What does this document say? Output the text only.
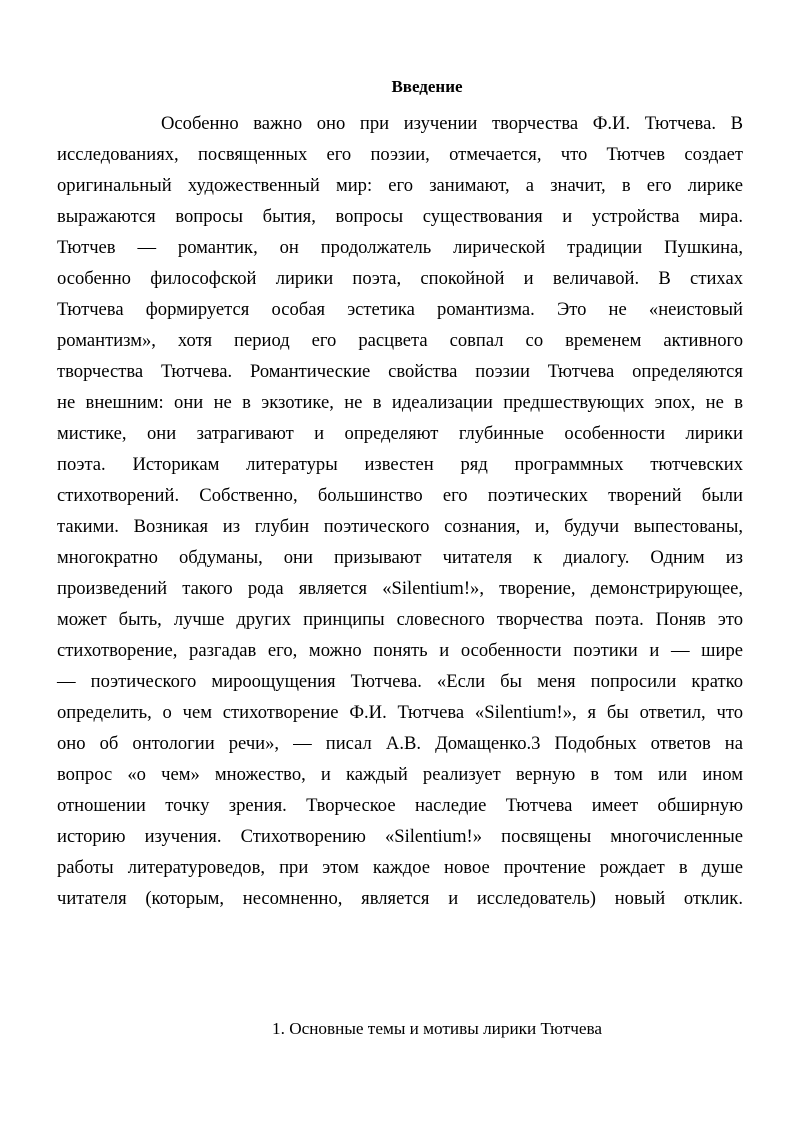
Введение
Особенно важно оно при изучении творчества Ф.И. Тютчева. В
исследованиях, посвященных его поэзии, отмечается, что Тютчев создает
оригинальный художественный мир: его занимают, а значит, в его лирике
выражаются вопросы бытия, вопросы существования и устройства мира.
Тютчев — романтик, он продолжатель лирической традиции Пушкина,
особенно философской лирики поэта, спокойной и величавой. В стихах
Тютчева формируется особая эстетика романтизма. Это не «неистовый
романтизм», хотя период его расцвета совпал со временем активного
творчества Тютчева. Романтические свойства поэзии Тютчева определяются
не внешним: они не в экзотике, не в идеализации предшествующих эпох, не в
мистике, они затрагивают и определяют глубинные особенности лирики
поэта. Историкам литературы известен ряд программных тютчевских
стихотворений. Собственно, большинство его поэтических творений были
такими. Возникая из глубин поэтического сознания, и, будучи выпестованы,
многократно обдуманы, они призывают читателя к диалогу. Одним из
произведений такого рода является «Silentium!», творение, демонстрирующее,
может быть, лучше других принципы словесного творчества поэта. Поняв это
стихотворение, разгадав его, можно понять и особенности поэтики и — шире
— поэтического мироощущения Тютчева. «Если бы меня попросили кратко
определить, о чем стихотворение Ф.И. Тютчева «Silentium!», я бы ответил, что
оно об онтологии речи», — писал А.В. Домащенко.3 Подобных ответов на
вопрос «о чем» множество, и каждый реализует верную в том или ином
отношении точку зрения. Творческое наследие Тютчева имеет обширную
историю изучения. Стихотворению «Silentium!» посвящены многочисленные
работы литературоведов, при этом каждое новое прочтение рождает в душе
читателя (которым, несомненно, является и исследователь) новый отклик.
1. Основные темы и мотивы лирики Тютчева
